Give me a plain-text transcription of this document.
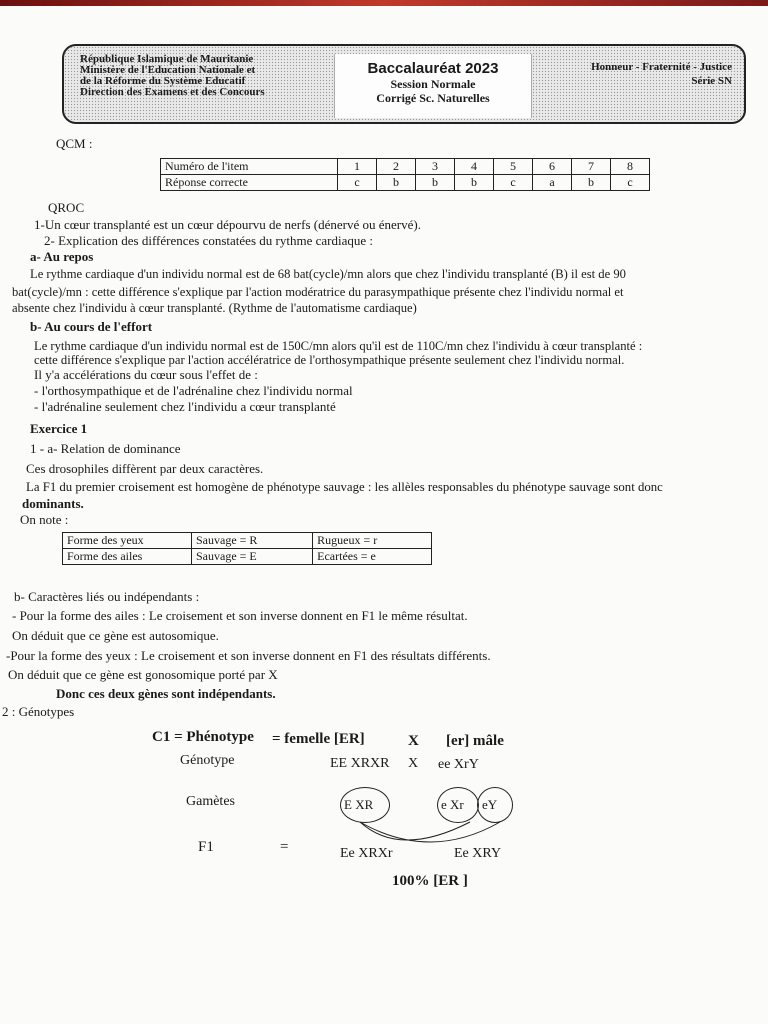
République Islamique de Mauritanie
Ministère de l'Education Nationale et
de la Réforme du Système Educatif
Direction des Examens et des Concours
Baccalauréat 2023
Session Normale
Corrigé Sc. Naturelles
Honneur - Fraternité - Justice
Série SN
QCM :
Numéro de l'item	1	2	3	4	5	6	7	8
Réponse correcte	c	b	b	b	c	a	b	c
QROC
1-Un cœur transplanté est un cœur dépourvu de nerfs (dénervé ou énervé).
2- Explication des différences constatées du rythme cardiaque :
a- Au repos
Le rythme cardiaque d'un individu normal est de 68 bat(cycle)/mn alors que chez l'individu transplanté (B) il est de 90
bat(cycle)/mn : cette différence s'explique par l'action modératrice du parasympathique présente chez l'individu normal et
absente chez l'individu à cœur transplanté. (Rythme de l'automatisme cardiaque)
b- Au cours de l'effort
Le rythme cardiaque d'un individu normal est de 150C/mn alors qu'il est de 110C/mn chez l'individu à cœur transplanté :
cette différence s'explique par l'action accélératrice de l'orthosympathique présente seulement chez l'individu normal.
Il y'a accélérations du cœur sous l'effet de :
- l'orthosympathique et de l'adrénaline chez l'individu normal
- l'adrénaline seulement chez l'individu a cœur transplanté
Exercice 1
1 - a- Relation de dominance
Ces drosophiles diffèrent par deux caractères.
La F1 du premier croisement est homogène de phénotype sauvage : les allèles responsables du phénotype sauvage sont donc
dominants.
On note :
Forme des yeux	Sauvage = R	Rugueux = r
Forme des ailes	Sauvage = E	Ecartées = e
b- Caractères liés ou indépendants :
- Pour la forme des ailes : Le croisement et son inverse donnent en F1 le même résultat.
On déduit que ce gène est autosomique.
-Pour la forme des yeux : Le croisement et son inverse donnent en F1 des résultats différents.
On déduit que ce gène est gonosomique porté par X
Donc ces deux gènes sont indépendants.
2 : Génotypes
C1 = Phénotype = femelle [ER]	X [er] mâle
Génotype	EE XRXR X ee XrY
Gamètes	E XR	e Xr eY
F1	=	Ee XRXr	Ee XRY
100% [ER ]
